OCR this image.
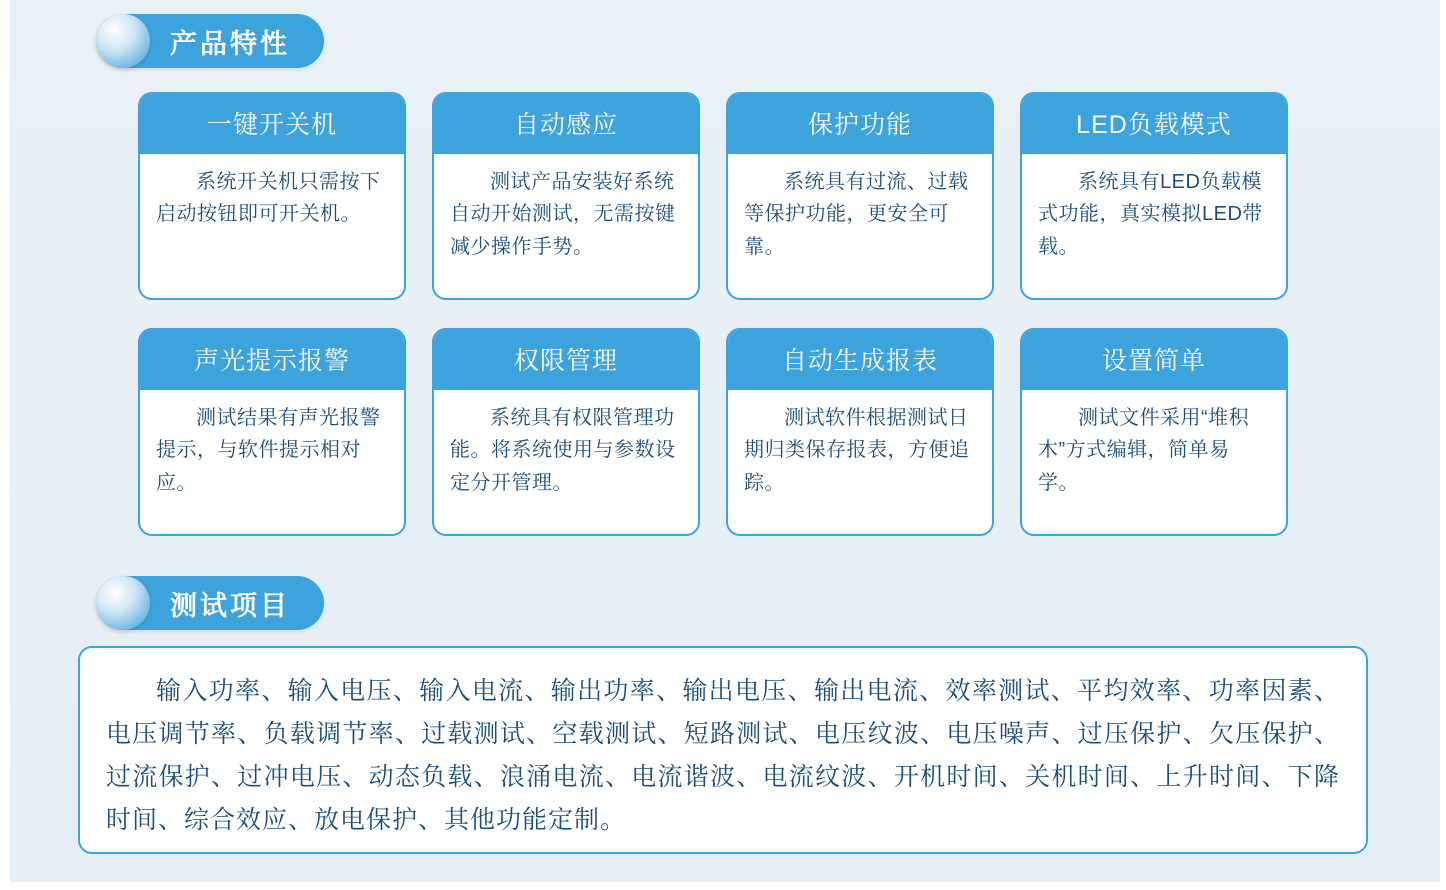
产品特性
一键开关机
系统开关机只需按下启动按钮即可开关机。
自动感应
测试产品安装好系统自动开始测试，无需按键减少操作手势。
保护功能
系统具有过流、过载等保护功能，更安全可靠。
LED负载模式
系统具有LED负载模式功能，真实模拟LED带载。
声光提示报警
测试结果有声光报警提示，与软件提示相对应。
权限管理
系统具有权限管理功能。将系统使用与参数设定分开管理。
自动生成报表
测试软件根据测试日期归类保存报表，方便追踪。
设置简单
测试文件采用“堆积木”方式编辑，简单易学。
测试项目
输入功率、输入电压、输入电流、输出功率、输出电压、输出电流、效率测试、平均效率、功率因素、电压调节率、负载调节率、过载测试、空载测试、短路测试、电压纹波、电压噪声、过压保护、欠压保护、过流保护、过冲电压、动态负载、浪涌电流、电流谐波、电流纹波、开机时间、关机时间、上升时间、下降时间、综合效应、放电保护、其他功能定制。
